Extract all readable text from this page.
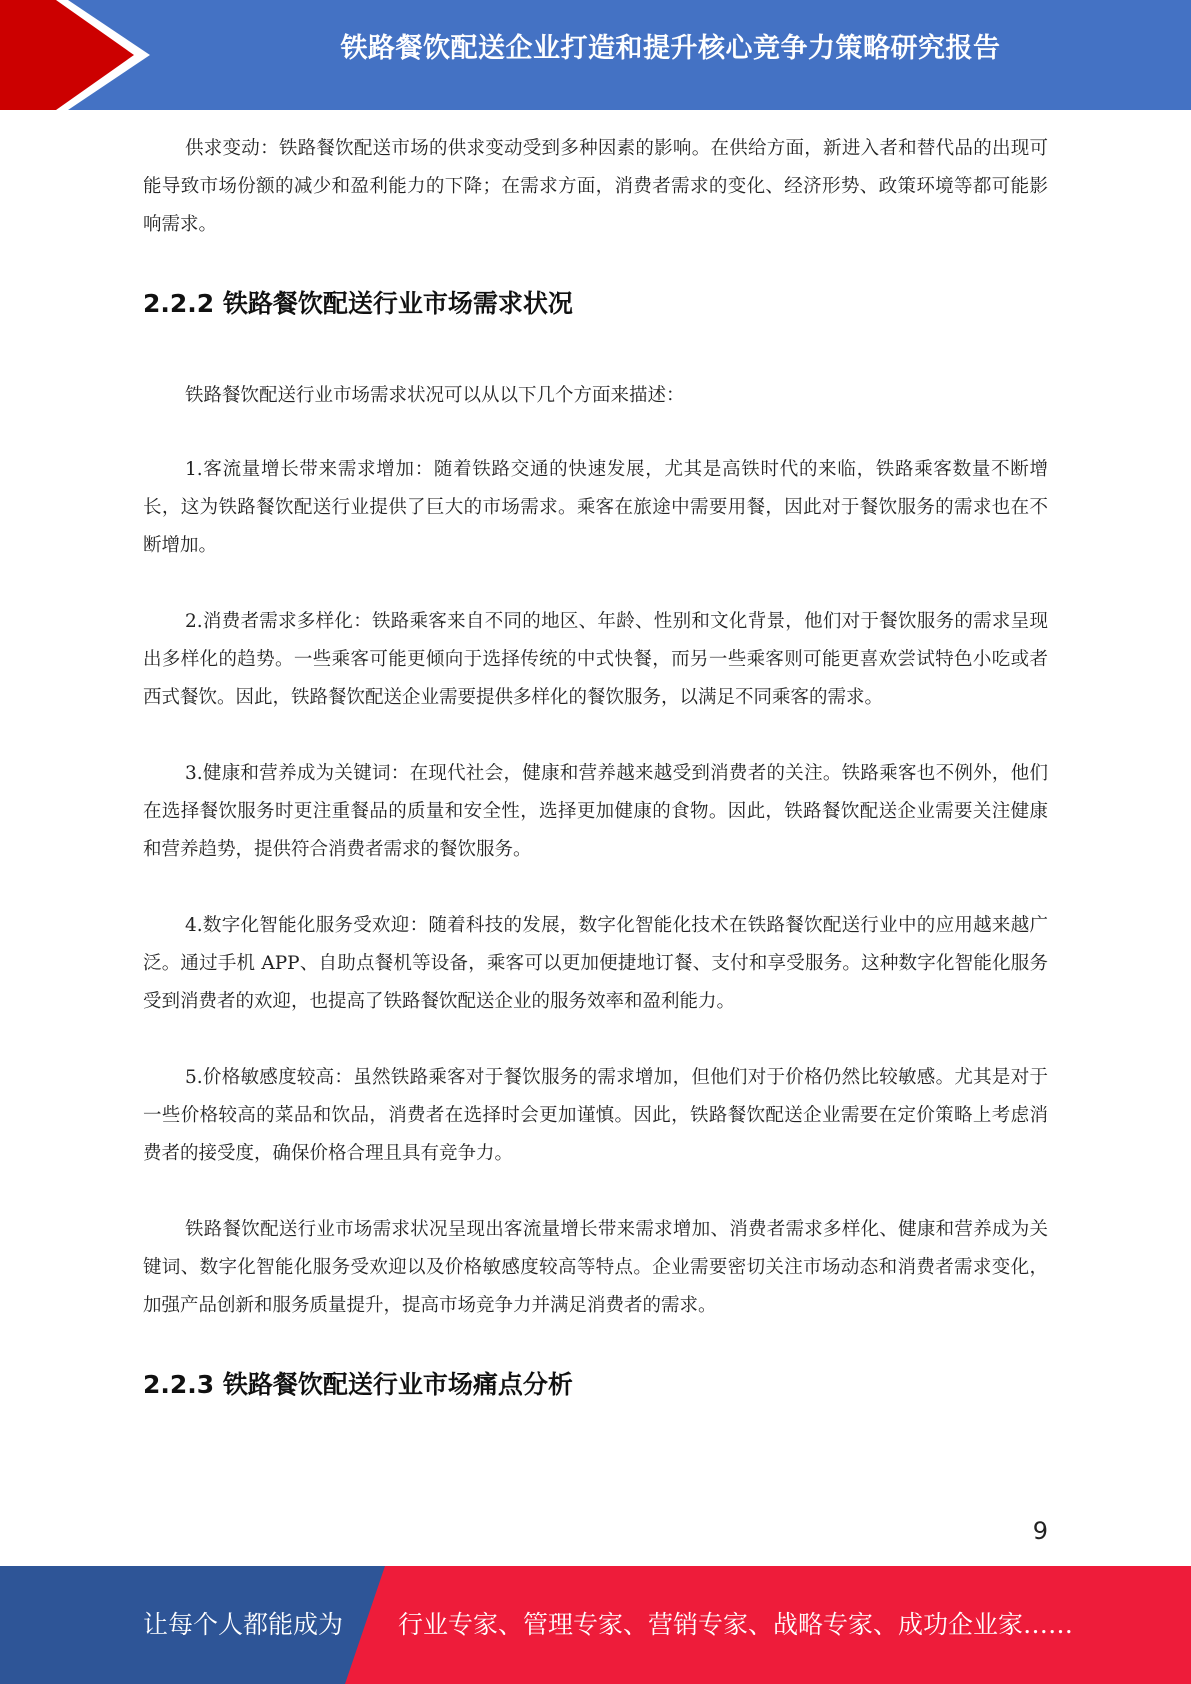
铁路餐饮配送企业打造和提升核心竞争力策略研究报告

供求变动：铁路餐饮配送市场的供求变动受到多种因素的影响。在供给方面，新进入者和替代品的出现可能导致市场份额的减少和盈利能力的下降；在需求方面，消费者需求的变化、经济形势、政策环境等都可能影响需求。

2.2.2 铁路餐饮配送行业市场需求状况

铁路餐饮配送行业市场需求状况可以从以下几个方面来描述：

1.客流量增长带来需求增加：随着铁路交通的快速发展，尤其是高铁时代的来临，铁路乘客数量不断增长，这为铁路餐饮配送行业提供了巨大的市场需求。乘客在旅途中需要用餐，因此对于餐饮服务的需求也在不断增加。

2.消费者需求多样化：铁路乘客来自不同的地区、年龄、性别和文化背景，他们对于餐饮服务的需求呈现出多样化的趋势。一些乘客可能更倾向于选择传统的中式快餐，而另一些乘客则可能更喜欢尝试特色小吃或者西式餐饮。因此，铁路餐饮配送企业需要提供多样化的餐饮服务，以满足不同乘客的需求。

3.健康和营养成为关键词：在现代社会，健康和营养越来越受到消费者的关注。铁路乘客也不例外，他们在选择餐饮服务时更注重餐品的质量和安全性，选择更加健康的食物。因此，铁路餐饮配送企业需要关注健康和营养趋势，提供符合消费者需求的餐饮服务。

4.数字化智能化服务受欢迎：随着科技的发展，数字化智能化技术在铁路餐饮配送行业中的应用越来越广泛。通过手机 APP、自助点餐机等设备，乘客可以更加便捷地订餐、支付和享受服务。这种数字化智能化服务受到消费者的欢迎，也提高了铁路餐饮配送企业的服务效率和盈利能力。

5.价格敏感度较高：虽然铁路乘客对于餐饮服务的需求增加，但他们对于价格仍然比较敏感。尤其是对于一些价格较高的菜品和饮品，消费者在选择时会更加谨慎。因此，铁路餐饮配送企业需要在定价策略上考虑消费者的接受度，确保价格合理且具有竞争力。

铁路餐饮配送行业市场需求状况呈现出客流量增长带来需求增加、消费者需求多样化、健康和营养成为关键词、数字化智能化服务受欢迎以及价格敏感度较高等特点。企业需要密切关注市场动态和消费者需求变化，加强产品创新和服务质量提升，提高市场竞争力并满足消费者的需求。

2.2.3 铁路餐饮配送行业市场痛点分析
9
让每个人都能成为 行业专家、管理专家、营销专家、战略专家、成功企业家……
